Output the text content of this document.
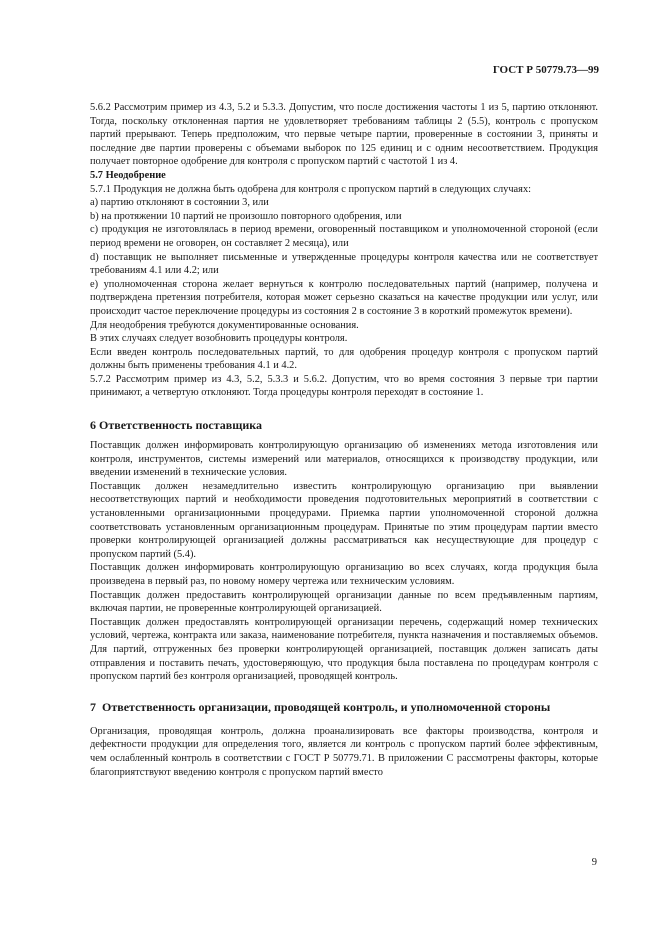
ГОСТ Р 50779.73—99

5.6.2 Рассмотрим пример из 4.3, 5.2 и 5.3.3. Допустим, что после достижения частоты 1 из 5, партию отклоняют. Тогда, поскольку отклоненная партия не удовлетворяет требованиям таблицы 2 (5.5), контроль с пропуском партий прерывают. Теперь предположим, что первые четыре партии, проверенные в состоянии 3, приняты и последние две партии проверены с объемами выборок по 125 единиц и с одним несоответствием. Продукция получает повторное одобрение для контроля с пропуском партий с частотой 1 из 4.

5.7 Неодобрение

5.7.1 Продукция не должна быть одобрена для контроля с пропуском партий в следующих случаях:

a) партию отклоняют в состоянии 3, или

b) на протяжении 10 партий не произошло повторного одобрения, или

c) продукция не изготовлялась в период времени, оговоренный поставщиком и уполномоченной стороной (если период времени не оговорен, он составляет 2 месяца), или

d) поставщик не выполняет письменные и утвержденные процедуры контроля качества или не соответствует требованиям 4.1 или 4.2; или

e) уполномоченная сторона желает вернуться к контролю последовательных партий (например, получена и подтверждена претензия потребителя, которая может серьезно сказаться на качестве продукции или услуг, или происходит частое переключение процедуры из состояния 2 в состояние 3 в короткий промежуток времени).

Для неодобрения требуются документированные основания.

В этих случаях следует возобновить процедуры контроля.

Если введен контроль последовательных партий, то для одобрения процедур контроля с пропуском партий должны быть применены требования 4.1 и 4.2.

5.7.2 Рассмотрим пример из 4.3, 5.2, 5.3.3 и 5.6.2. Допустим, что во время состояния 3 первые три партии принимают, а четвертую отклоняют. Тогда процедуры контроля переходят в состояние 1.

6 Ответственность поставщика

Поставщик должен информировать контролирующую организацию об изменениях метода изготовления или контроля, инструментов, системы измерений или материалов, относящихся к производству продукции, или введении изменений в технические условия.

Поставщик должен незамедлительно известить контролирующую организацию при выявлении несоответствующих партий и необходимости проведения подготовительных мероприятий в соответствии с установленными организационными процедурами. Приемка партии уполномоченной стороной должна соответствовать установленным организационным процедурам. Принятые по этим процедурам партии вместо проверки контролирующей организацией должны рассматриваться как несуществующие для процедур с пропуском партий (5.4).

Поставщик должен информировать контролирующую организацию во всех случаях, когда продукция была произведена в первый раз, по новому номеру чертежа или техническим условиям.

Поставщик должен предоставить контролирующей организации данные по всем предъявленным партиям, включая партии, не проверенные контролирующей организацией.

Поставщик должен предоставлять контролирующей организации перечень, содержащий номер технических условий, чертежа, контракта или заказа, наименование потребителя, пункта назначения и поставляемых объемов. Для партий, отгруженных без проверки контролирующей организацией, поставщик должен записать даты отправления и поставить печать, удостоверяющую, что продукция была поставлена по процедурам контроля с пропуском партий без контроля организацией, проводящей контроль.

7 Ответственность организации, проводящей контроль, и уполномоченной стороны

Организация, проводящая контроль, должна проанализировать все факторы производства, контроля и дефектности продукции для определения того, является ли контроль с пропуском партий более эффективным, чем ослабленный контроль в соответствии с ГОСТ Р 50779.71. В приложении С рассмотрены факторы, которые благоприятствуют введению контроля с пропуском партий вместо

9
